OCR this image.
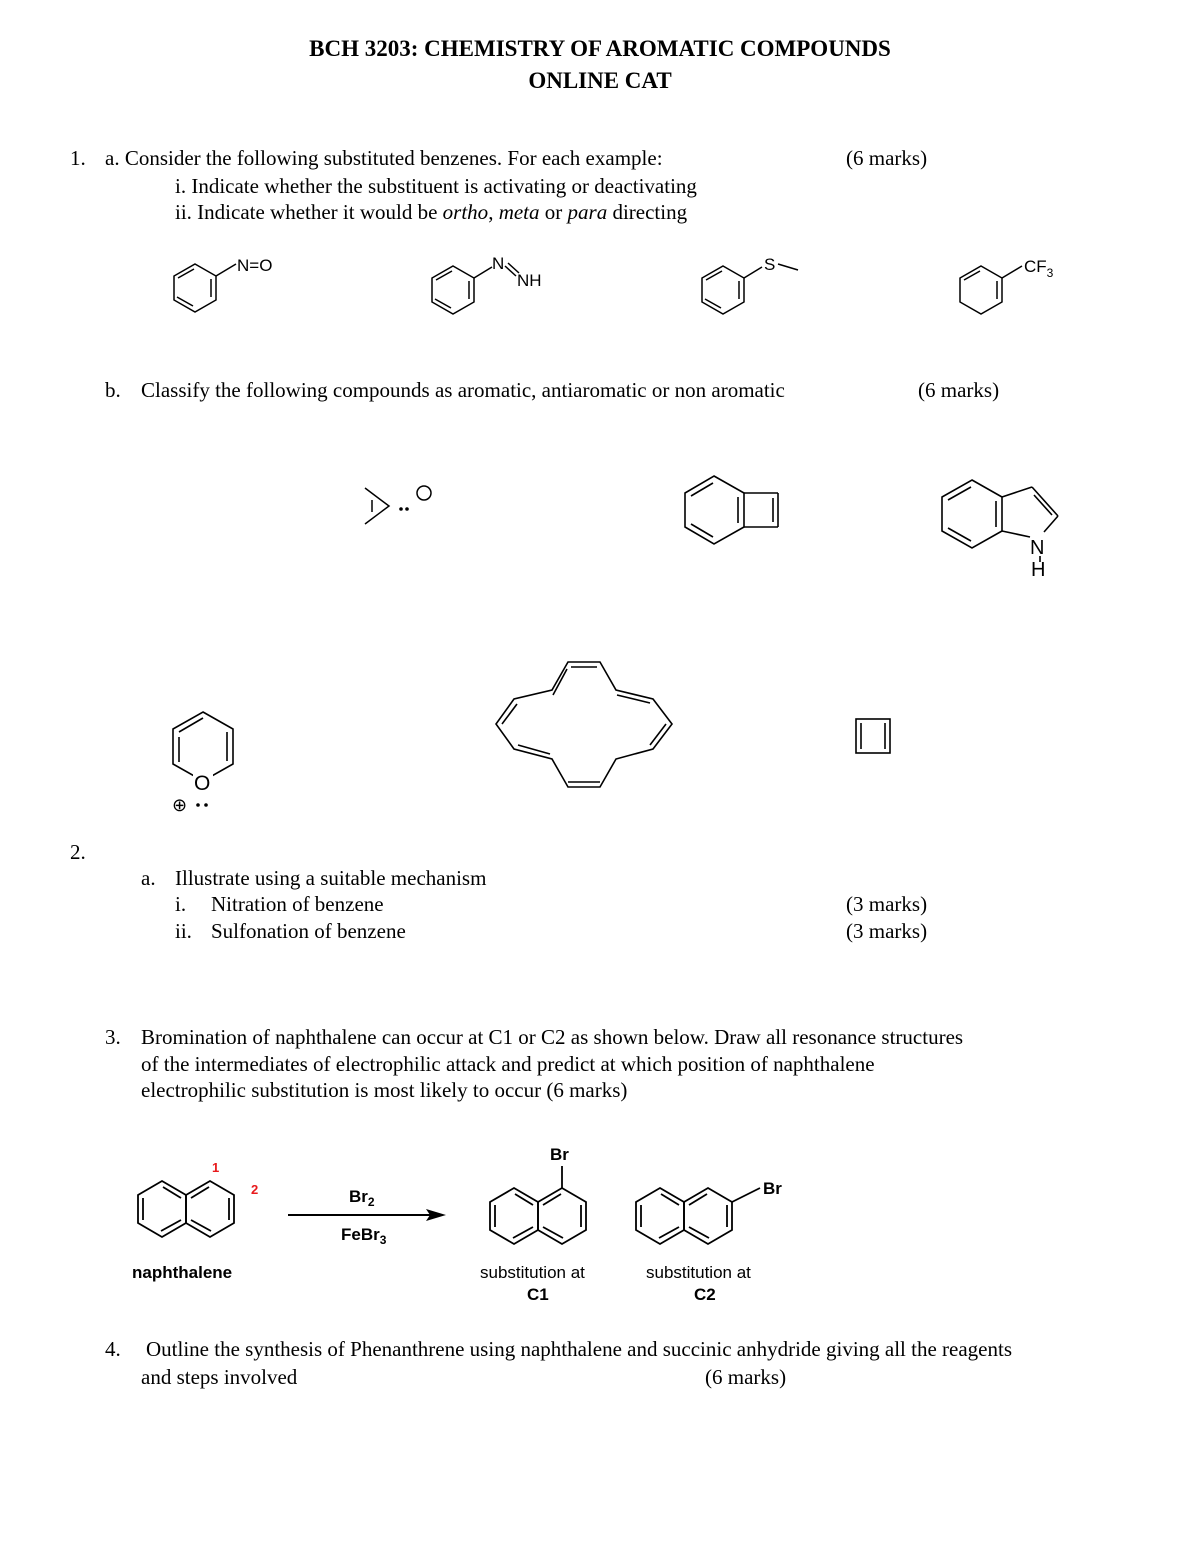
BCH 3203: CHEMISTRY OF AROMATIC COMPOUNDS
ONLINE CAT
1. a. Consider the following substituted benzenes. For each example:	(6 marks)
i. Indicate whether the substituent is activating or deactivating
ii. Indicate whether it would be ortho, meta or para directing
N=O	N
NH
S	$CF_3$
b. Classify the following compounds as aromatic, antiaromatic or non aromatic	(6 marks)
N
H
O
⊕
2.
a. Illustrate using a suitable mechanism
i. Nitration of benzene	(3 marks)
ii. Sulfonation of benzene	(3 marks)
3. Bromination of naphthalene can occur at C1 or C2 as shown below. Draw all resonance structures
of the intermediates of electrophilic attack and predict at which position of naphthalene
electrophilic substitution is most likely to occur (6 marks)
1
2
naphthalene
$Br_2$
FeBr$_3$
Br
substitution at
C1
Br
substitution at
C2
4. Outline the synthesis of Phenanthrene using naphthalene and succinic anhydride giving all the reagents
and steps involved	(6 marks)
